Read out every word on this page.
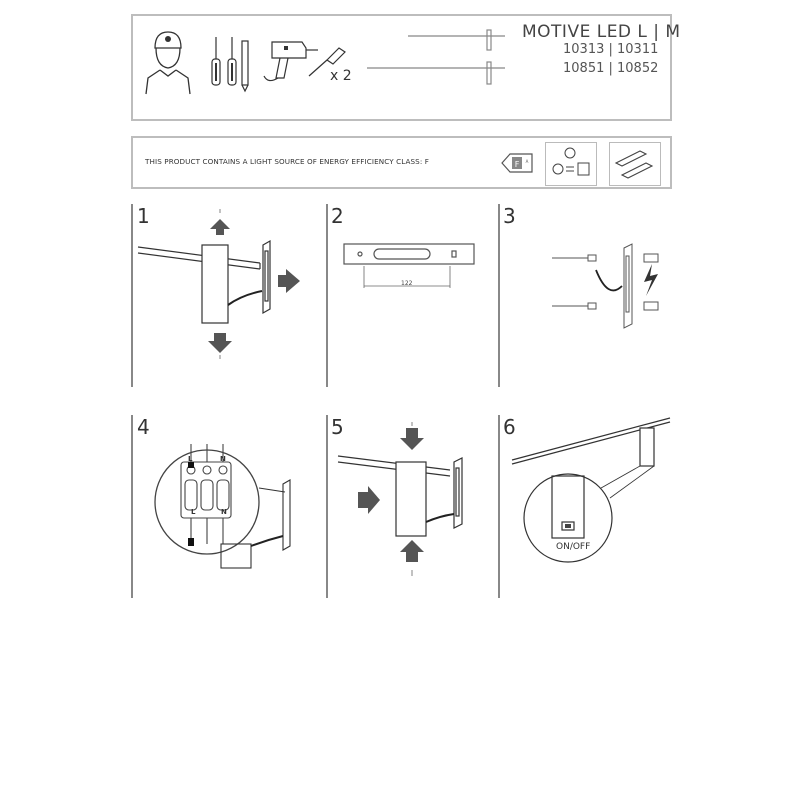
x 2
MOTIVE LED L | M
10313 | 10311
10851 | 10852
THIS PRODUCT CONTAINS A LIGHT SOURCE OF ENERGY EFFICIENCY CLASS: F	F A
1	2	3
4	5	6
122
L	N
L	N
ON/OFF
